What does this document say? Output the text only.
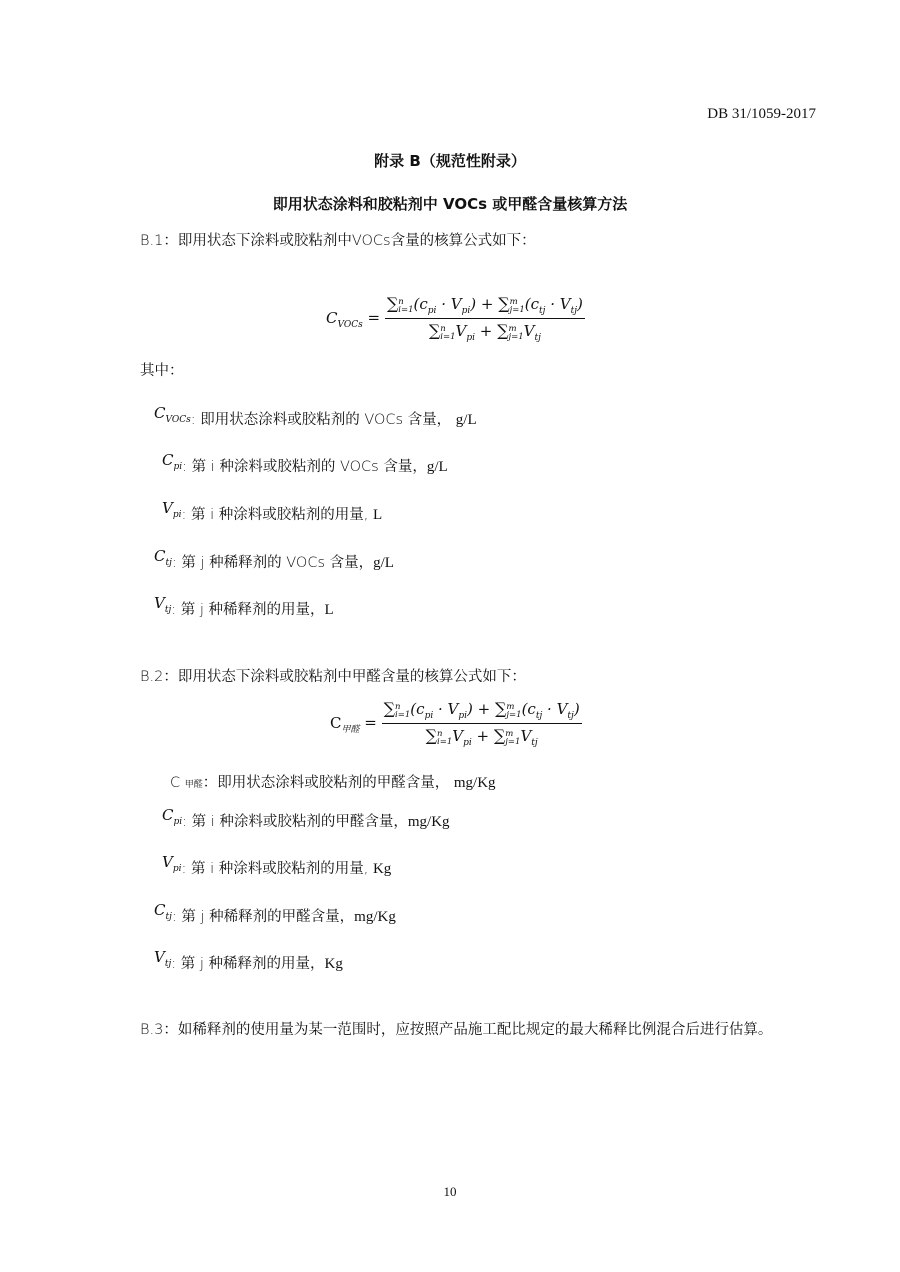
DB 31/1059-2017
附录 B（规范性附录）
即用状态涂料和胶粘剂中 VOCs 或甲醛含量核算方法
B.1：即用状态下涂料或胶粘剂中VOCs含量的核算公式如下：
$C_{VOCs}$ = ∑ n
i=1 $(c_{pi} \cdot V_{pi})$ + ∑ m
j=1 $(c_{tj} \cdot V_{tj})$
∑ n
i=1 $V_{pi}$ + ∑ m
j=1 $V_{tj}$
其中：
$C_{VOCs}$: 即用状态涂料或胶粘剂的 VOCs 含量， g/L
$C_{pi}$: 第 i 种涂料或胶粘剂的 VOCs 含量，g/L
$V_{pi}$: 第 i 种涂料或胶粘剂的用量, L
$C_{tj}$: 第 j 种稀释剂的 VOCs 含量，g/L
$V_{tj}$: 第 j 种稀释剂的用量，L
B.2：即用状态下涂料或胶粘剂中甲醛含量的核算公式如下：
$C_{甲醛}$ = ∑ n
i=1 $(c_{pi} \cdot V_{pi})$ + ∑ m
j=1 $(c_{tj} \cdot V_{tj})$
∑ n
i=1 $V_{pi}$ + ∑ m
j=1 $V_{tj}$
C 甲醛：即用状态涂料或胶粘剂的甲醛含量， mg/Kg
$C_{pi}$: 第 i 种涂料或胶粘剂的甲醛含量，mg/Kg
$V_{pi}$: 第 i 种涂料或胶粘剂的用量, Kg
$C_{tj}$: 第 j 种稀释剂的甲醛含量，mg/Kg
$V_{tj}$: 第 j 种稀释剂的用量，Kg
B.3：如稀释剂的使用量为某一范围时，应按照产品施工配比规定的最大稀释比例混合后进行估算。
10
